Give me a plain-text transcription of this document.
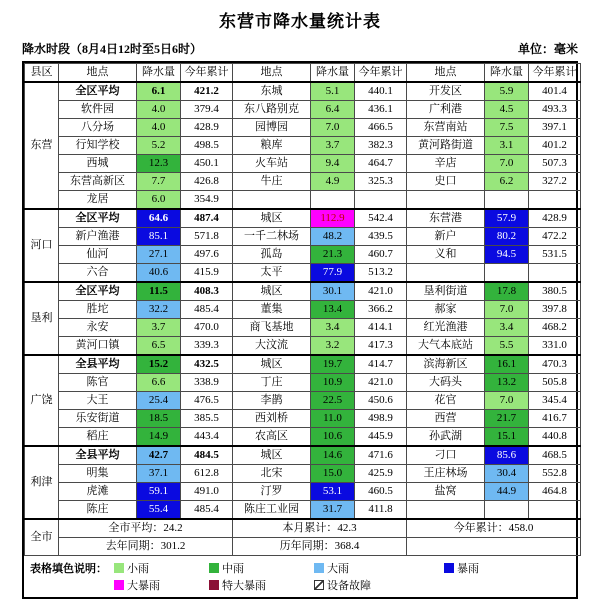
东营市降水量统计表
降水时段（8月4日12时至5日6时）	单位：毫米
县区	地点	降水量	今年累计	地点	降水量	今年累计	地点	降水量	今年累计
东营	全区平均	6.1	421.2	东城	5.1	440.1	开发区	5.9	401.4
	软件园	4.0	379.4	东八路别克	6.4	436.1	广利港	4.5	493.3
	八分场	4.0	428.9	园博园	7.0	466.5	东营南站	7.5	397.1
	行知学校	5.2	498.5	粮库	3.7	382.3	黄河路街道	3.1	401.2
	西城	12.3	450.1	火车站	9.4	464.7	辛店	7.0	507.3
	东营高新区	7.7	426.8	牛庄	4.9	325.3	史口	6.2	327.2
	龙居	6.0	354.9						
河口	全区平均	64.6	487.4	城区	112.9	542.4	东营港	57.9	428.9
	新户渔港	85.1	571.8	一千二林场	48.2	439.5	新户	80.2	472.2
	仙河	27.1	497.6	孤岛	21.3	460.7	义和	94.5	531.5
	六合	40.6	415.9	太平	77.9	513.2			
垦利	全区平均	11.5	408.3	城区	30.1	421.0	垦利街道	17.8	380.5
	胜坨	32.2	485.4	董集	13.4	366.2	郝家	7.0	397.8
	永安	3.7	470.0	商飞基地	3.4	414.1	红光渔港	3.4	468.2
	黄河口镇	6.5	339.3	大汶流	3.2	417.3	大气本底站	5.5	331.0
广饶	全县平均	15.2	432.5	城区	19.7	414.7	滨海新区	16.1	470.3
	陈官	6.6	338.9	丁庄	10.9	421.0	大码头	13.2	505.8
	大王	25.4	476.5	李鹊	22.5	450.6	花官	7.0	345.4
	乐安街道	18.5	385.5	西刘桥	11.0	498.9	西营	21.7	416.7
	稻庄	14.9	443.4	农高区	10.6	445.9	孙武湖	15.1	440.8
利津	全县平均	42.7	484.5	城区	14.6	471.6	刁口	85.6	468.5
	明集	37.1	612.8	北宋	15.0	425.9	王庄林场	30.4	552.8
	虎滩	59.1	491.0	汀罗	53.1	460.5	盐窝	44.9	464.8
	陈庄	55.4	485.4	陈庄工业园	31.7	411.8			
全市	全市平均：24.2			本月累计：42.3			今年累计：458.0		
	去年同期：301.2			历年同期：368.4					
表格填色说明：	小雨	中雨	大雨	暴雨
大暴雨	特大暴雨	设备故障
